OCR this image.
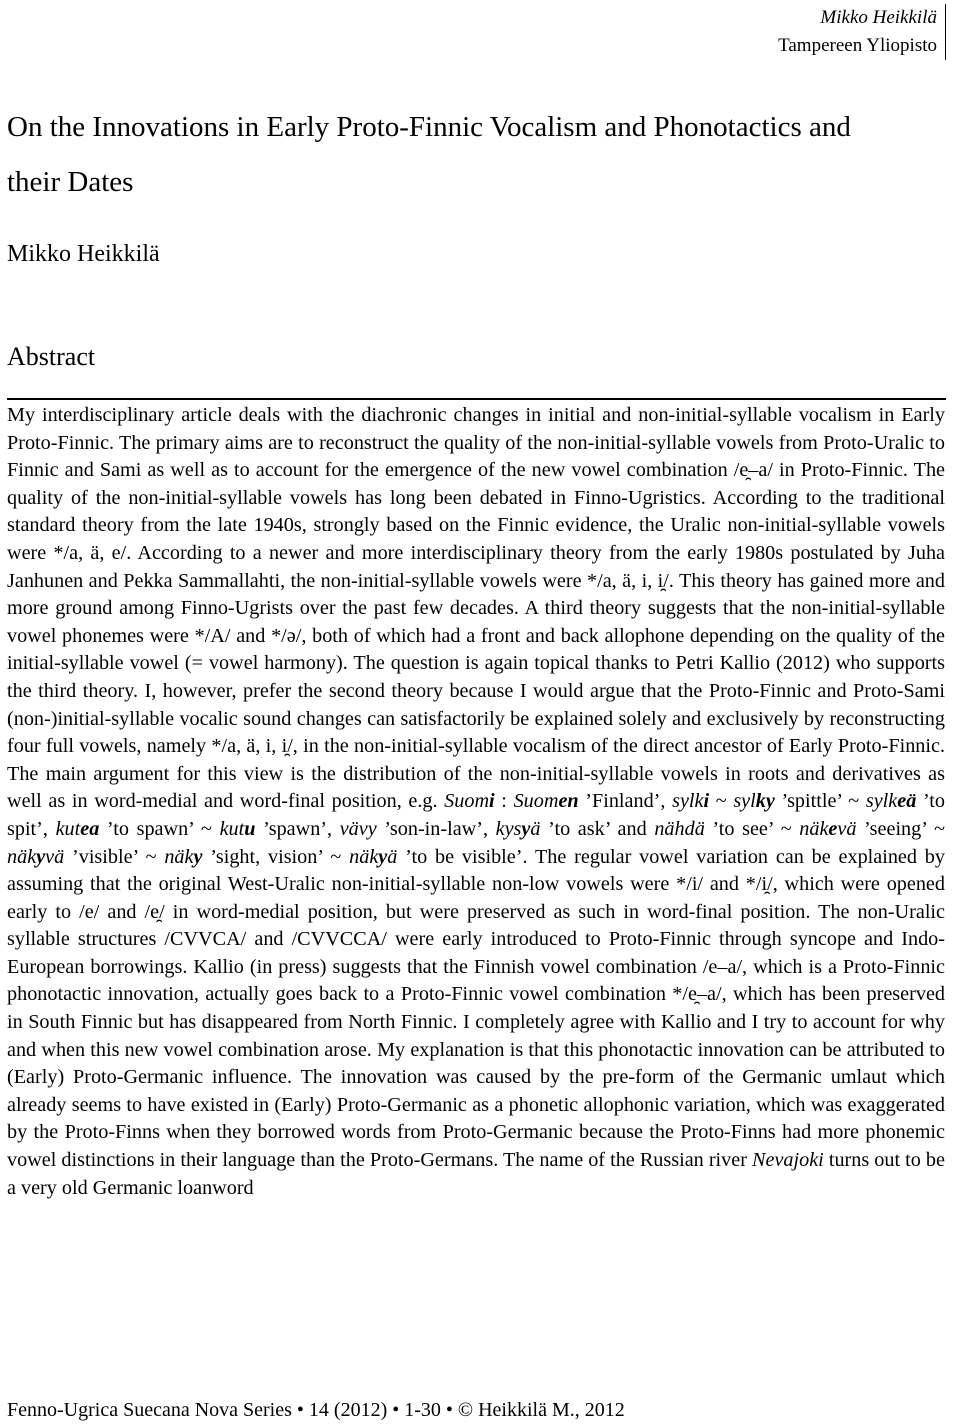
Mikko Heikkilä
Tampereen Yliopisto
On the Innovations in Early Proto-Finnic Vocalism and Phonotactics and their Dates
Mikko Heikkilä
Abstract

My interdisciplinary article deals with the diachronic changes in initial and non-initial-syllable vocalism in Early Proto-Finnic. The primary aims are to reconstruct the quality of the non-initial-syllable vowels from Proto-Uralic to Finnic and Sami as well as to account for the emergence of the new vowel combination /e̯–a/ in Proto-Finnic. The quality of the non-initial-syllable vowels has long been debated in Finno-Ugristics. According to the traditional standard theory from the late 1940s, strongly based on the Finnic evidence, the Uralic non-initial-syllable vowels were */a, ä, e/. According to a newer and more interdisciplinary theory from the early 1980s postulated by Juha Janhunen and Pekka Sammallahti, the non-initial-syllable vowels were */a, ä, i, i̯/. This theory has gained more and more ground among Finno-Ugrists over the past few decades. A third theory suggests that the non-initial-syllable vowel phonemes were */A/ and */ə/, both of which had a front and back allophone depending on the quality of the initial-syllable vowel (= vowel harmony). The question is again topical thanks to Petri Kallio (2012) who supports the third theory. I, however, prefer the second theory because I would argue that the Proto-Finnic and Proto-Sami (non-)initial-syllable vocalic sound changes can satisfactorily be explained solely and exclusively by reconstructing four full vowels, namely */a, ä, i, i̯/, in the non-initial-syllable vocalism of the direct ancestor of Early Proto-Finnic. The main argument for this view is the distribution of the non-initial-syllable vowels in roots and derivatives as well as in word-medial and word-final position, e.g. Suomi : Suomen ’Finland’, sylki ~ sylky ’spittle’ ~ sylkeä ’to spit’, kutea ’to spawn’ ~ kutu ’spawn’, vävy ’son-in-law’, kysyä ’to ask’ and nähdä ’to see’ ~ näkevä ’seeing’ ~ näkyvä ’visible’ ~ näky ’sight, vision’ ~ näkyä ’to be visible’. The regular vowel variation can be explained by assuming that the original West-Uralic non-initial-syllable non-low vowels were */i/ and */i̯/, which were opened early to /e/ and /e̯/ in word-medial position, but were preserved as such in word-final position. The non-Uralic syllable structures /CVVCA/ and /CVVCCA/ were early introduced to Proto-Finnic through syncope and Indo-European borrowings. Kallio (in press) suggests that the Finnish vowel combination /e–a/, which is a Proto-Finnic phonotactic innovation, actually goes back to a Proto-Finnic vowel combination */e̯–a/, which has been preserved in South Finnic but has disappeared from North Finnic. I completely agree with Kallio and I try to account for why and when this new vowel combination arose. My explanation is that this phonotactic innovation can be attributed to (Early) Proto-Germanic influence. The innovation was caused by the pre-form of the Germanic umlaut which already seems to have existed in (Early) Proto-Germanic as a phonetic allophonic variation, which was exaggerated by the Proto-Finns when they borrowed words from Proto-Germanic because the Proto-Finns had more phonemic vowel distinctions in their language than the Proto-Germans. The name of the Russian river Nevajoki turns out to be a very old Germanic loanword

Fenno-Ugrica Suecana Nova Series • 14 (2012) • 1-30 • © Heikkilä M., 2012
